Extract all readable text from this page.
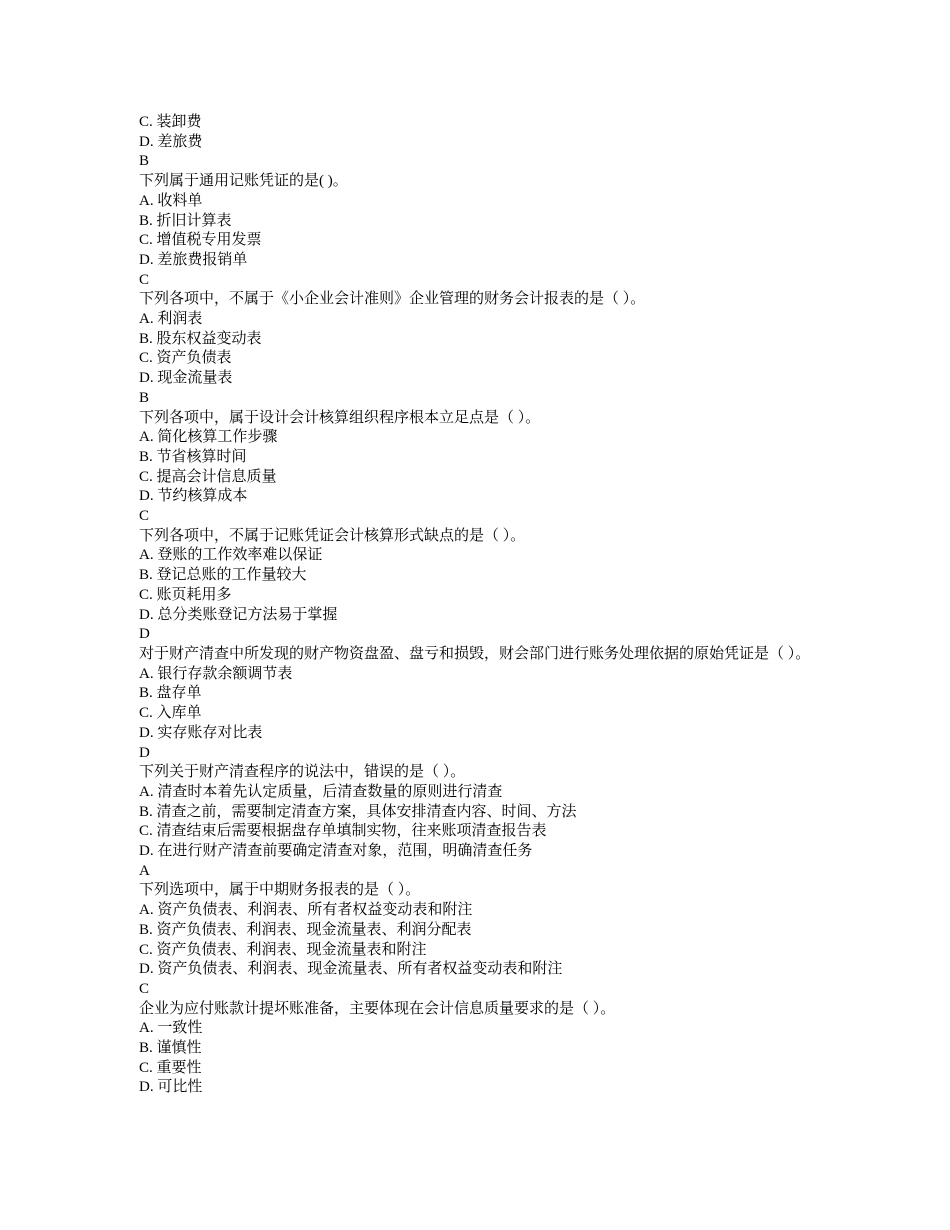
C. 装卸费

D. 差旅费

B

下列属于通用记账凭证的是( )。

A. 收料单

B. 折旧计算表

C. 增值税专用发票

D. 差旅费报销单

C

下列各项中，不属于《小企业会计准则》企业管理的财务会计报表的是（ ）。

A. 利润表

B. 股东权益变动表

C. 资产负债表

D. 现金流量表

B

下列各项中，属于设计会计核算组织程序根本立足点是（ ）。

A. 简化核算工作步骤

B. 节省核算时间

C. 提高会计信息质量

D. 节约核算成本

C

下列各项中，不属于记账凭证会计核算形式缺点的是（ ）。

A. 登账的工作效率难以保证

B. 登记总账的工作量较大

C. 账页耗用多

D. 总分类账登记方法易于掌握

D

对于财产清查中所发现的财产物资盘盈、盘亏和损毁，财会部门进行账务处理依据的原始凭证是（ ）。

A. 银行存款余额调节表

B. 盘存单

C. 入库单

D. 实存账存对比表

D

下列关于财产清查程序的说法中，错误的是（ ）。

A. 清查时本着先认定质量，后清查数量的原则进行清查

B. 清查之前，需要制定清查方案，具体安排清查内容、时间、方法

C. 清查结束后需要根据盘存单填制实物，往来账项清查报告表

D. 在进行财产清查前要确定清查对象，范围，明确清查任务

A

下列选项中，属于中期财务报表的是（ ）。

A. 资产负债表、利润表、所有者权益变动表和附注

B. 资产负债表、利润表、现金流量表、利润分配表

C. 资产负债表、利润表、现金流量表和附注

D. 资产负债表、利润表、现金流量表、所有者权益变动表和附注

C

企业为应付账款计提坏账准备，主要体现在会计信息质量要求的是（ ）。

A. 一致性

B. 谨慎性

C. 重要性

D. 可比性
